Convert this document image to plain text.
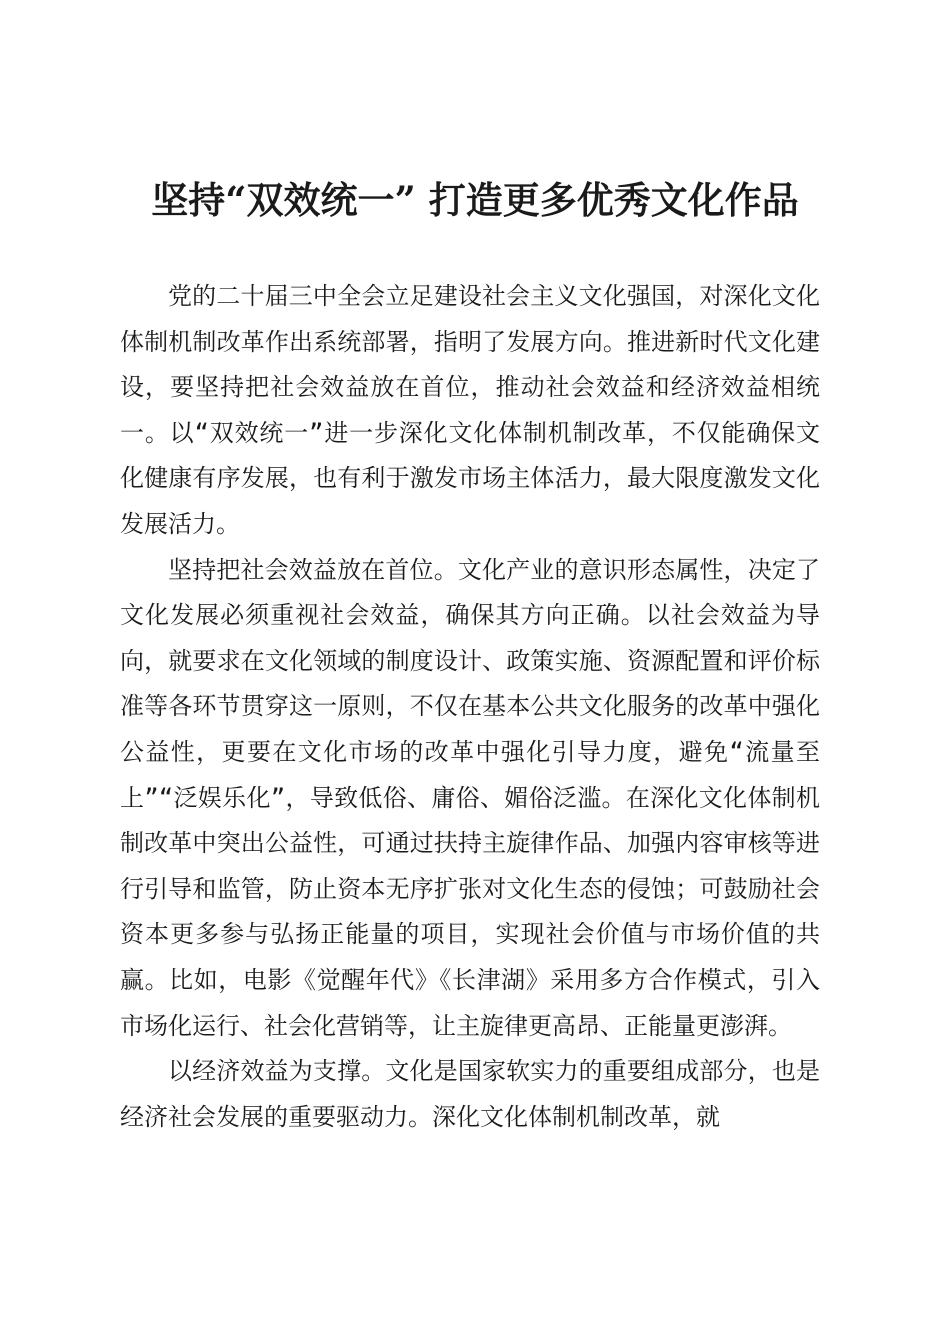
坚持“双效统一” 打造更多优秀文化作品

党的二十届三中全会立足建设社会主义文化强国，对深化文化体制机制改革作出系统部署，指明了发展方向。推进新时代文化建设，要坚持把社会效益放在首位，推动社会效益和经济效益相统一。以“双效统一”进一步深化文化体制机制改革，不仅能确保文化健康有序发展，也有利于激发市场主体活力，最大限度激发文化发展活力。

坚持把社会效益放在首位。文化产业的意识形态属性，决定了文化发展必须重视社会效益，确保其方向正确。以社会效益为导向，就要求在文化领域的制度设计、政策实施、资源配置和评价标准等各环节贯穿这一原则，不仅在基本公共文化服务的改革中强化公益性，更要在文化市场的改革中强化引导力度，避免“流量至上”“泛娱乐化”，导致低俗、庸俗、媚俗泛滥。在深化文化体制机制改革中突出公益性，可通过扶持主旋律作品、加强内容审核等进行引导和监管，防止资本无序扩张对文化生态的侵蚀；可鼓励社会资本更多参与弘扬正能量的项目，实现社会价值与市场价值的共赢。比如，电影《觉醒年代》《长津湖》采用多方合作模式，引入市场化运行、社会化营销等，让主旋律更高昂、正能量更澎湃。

以经济效益为支撑。文化是国家软实力的重要组成部分，也是经济社会发展的重要驱动力。深化文化体制机制改革，就
